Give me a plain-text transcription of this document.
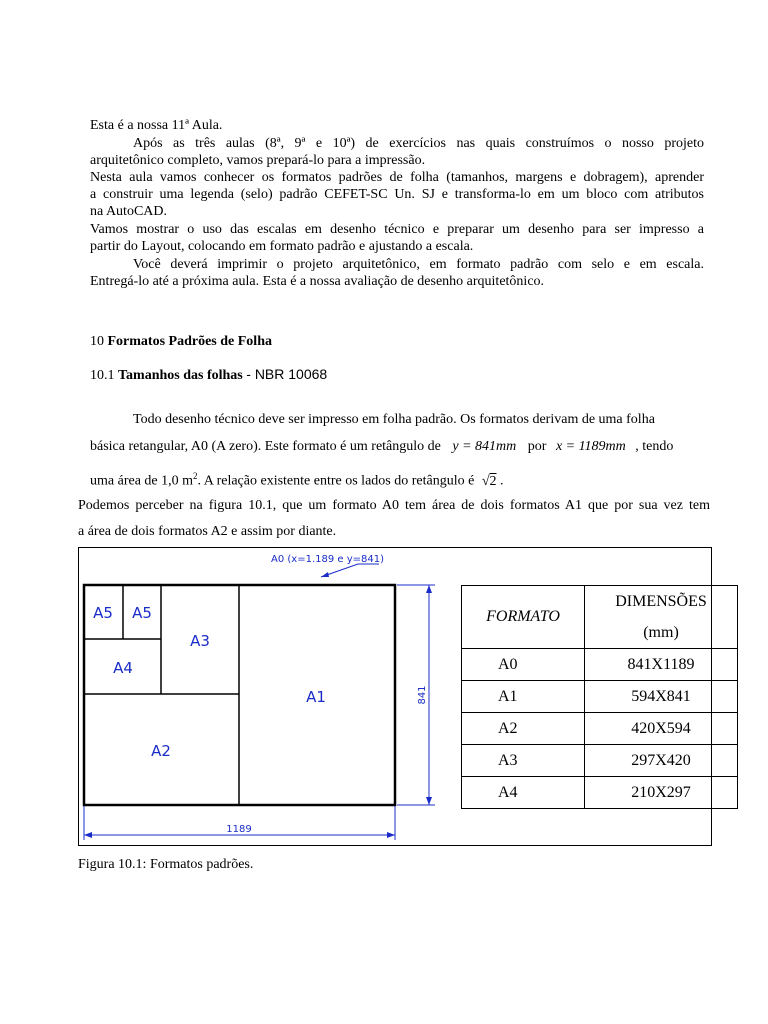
Esta é a nossa 11ª Aula.
Após as três aulas (8ª, 9ª e 10ª) de exercícios nas quais construímos o nosso projeto
arquitetônico completo, vamos prepará-lo para a impressão.
Nesta aula vamos conhecer os formatos padrões de folha (tamanhos, margens e dobragem), aprender
a construir uma legenda (selo) padrão CEFET-SC Un. SJ e transforma-lo em um bloco com atributos
na AutoCAD.
Vamos mostrar o uso das escalas em desenho técnico e preparar um desenho para ser impresso a
partir do Layout, colocando em formato padrão e ajustando a escala.
Você deverá imprimir o projeto arquitetônico, em formato padrão com selo e em escala.
Entregá-lo até a próxima aula. Esta é a nossa avaliação de desenho arquitetônico.
10 Formatos Padrões de Folha
10.1 Tamanhos das folhas - NBR 10068
Todo desenho técnico deve ser impresso em folha padrão. Os formatos derivam de uma folha
básica retangular, A0 (A zero). Este formato é um retângulo de y = 841mm por x = 1189mm , tendo
uma área de 1,0 $m^2$. A relação existente entre os lados do retângulo é √2 .
Podemos perceber na figura 10.1, que um formato A0 tem área de dois formatos A1 que por sua vez tem
a área de dois formatos A2 e assim por diante.
A0 (x=1.189 e y=841)
A5 A5
A4
A3
A2
A1
1189
841
FORMATO	DIMENSÕES
(mm)

A0	841X1189
A1	594X841
A2	420X594
A3	297X420
A4	210X297
Figura 10.1: Formatos padrões.
